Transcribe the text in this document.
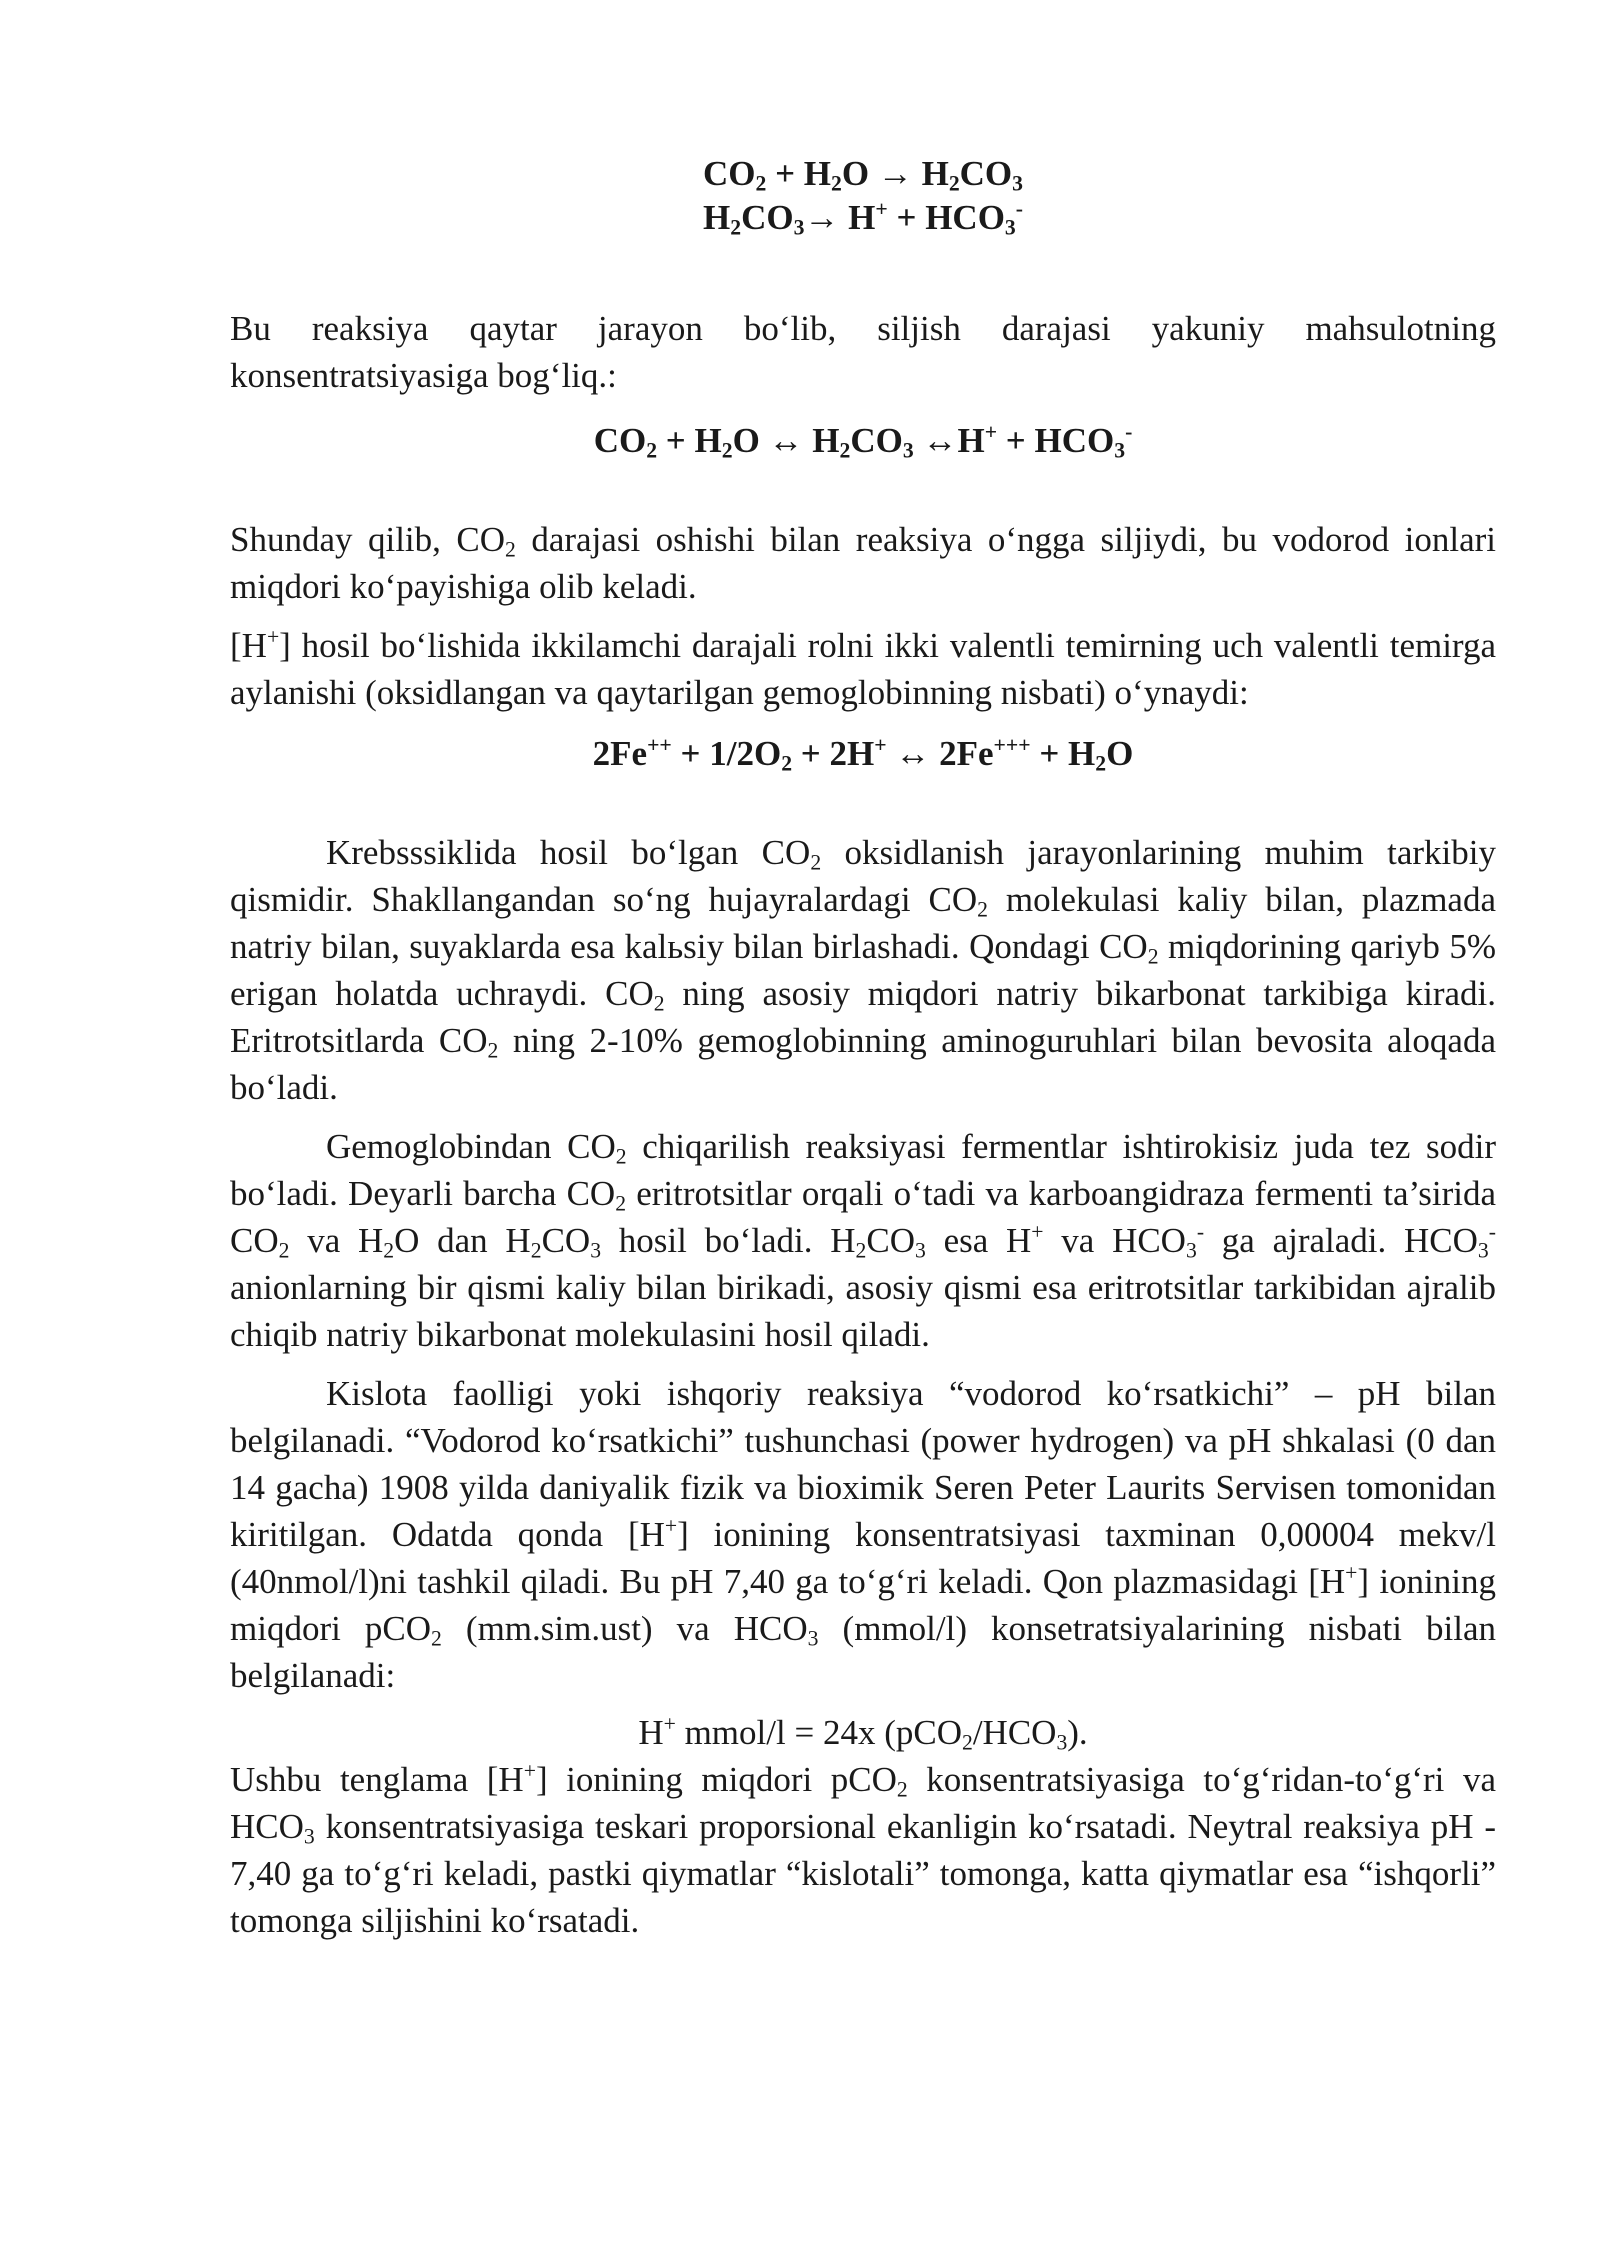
$CO_2 + H_2O \to H_2CO_3$
$H_2CO_3\to H^+ + HCO_3^-$

Bu reaksiya qaytar jarayon bo‘lib, siljish darajasi yakuniy mahsulotning konsentratsiyasiga bog‘liq.:

$CO_2 + H_2O$ ↔ $H_2CO_3$ ↔H+ + $HCO_3^-$

Shunday qilib, $CO_2$ darajasi oshishi bilan reaksiya o‘ngga siljiydi, bu vodorod ionlari miqdori ko‘payishiga olib keladi.

[H+] hosil bo‘lishida ikkilamchi darajali rolni ikki valentli temirning uch valentli temirga aylanishi (oksidlangan va qaytarilgan gemoglobinning nisbati) o‘ynaydi:

$2Fe^{++} + 1/2O_2 + 2H^+$ ↔ $2Fe^{+++} + H_2O$

Krebsssiklida hosil bo‘lgan $CO_2$ oksidlanish jarayonlarining muhim tarkibiy qismidir. Shakllangandan so‘ng hujayralardagi $CO_2$ molekulasi kaliy bilan, plazmada natriy bilan, suyaklarda esa kalьsiy bilan birlashadi. Qondagi $CO_2$ miqdorining qariyb 5% erigan holatda uchraydi. $CO_2$ ning asosiy miqdori natriy bikarbonat tarkibiga kiradi. Eritrotsitlarda $CO_2$ ning 2-10% gemoglobinning aminoguruhlari bilan bevosita aloqada bo‘ladi.

Gemoglobindan $CO_2$ chiqarilish reaksiyasi fermentlar ishtirokisiz juda tez sodir bo‘ladi. Deyarli barcha $CO_2$ eritrotsitlar orqali o‘tadi va karboangidraza fermenti ta’sirida $CO_2$ va $H_2O$ dan $H_2CO_3$ hosil bo‘ladi. $H_2CO_3$ esa H+ va $HCO_3^-$ ga ajraladi. $HCO_3^-$ anionlarning bir qismi kaliy bilan birikadi, asosiy qismi esa eritrotsitlar tarkibidan ajralib chiqib natriy bikarbonat molekulasini hosil qiladi.

Kislota faolligi yoki ishqoriy reaksiya “vodorod ko‘rsatkichi” – pH bilan belgilanadi. “Vodorod ko‘rsatkichi” tushunchasi (power hydrogen) va pH shkalasi (0 dan 14 gacha) 1908 yilda daniyalik fizik va bioximik Seren Peter Laurits Servisen tomonidan kiritilgan. Odatda qonda [H+] ionining konsentratsiyasi taxminan 0,00004 mekv/l (40nmol/l)ni tashkil qiladi. Bu pH 7,40 ga to‘g‘ri keladi. Qon plazmasidagi [H+] ionining miqdori pCO$_2$ (mm.sim.ust) va $HCO_3$ (mmol/l) konsetratsiyalarining nisbati bilan belgilanadi:

H+ mmol/l = 24x $(pCO_2/HCO_3)$.

Ushbu tenglama [H+] ionining miqdori pCO$_2$ konsentratsiyasiga to‘g‘ridan-to‘g‘ri va $HCO_3$ konsentratsiyasiga teskari proporsional ekanligin ko‘rsatadi. Neytral reaksiya pH - 7,40 ga to‘g‘ri keladi, pastki qiymatlar “kislotali” tomonga, katta qiymatlar esa “ishqorli” tomonga siljishini ko‘rsatadi.
